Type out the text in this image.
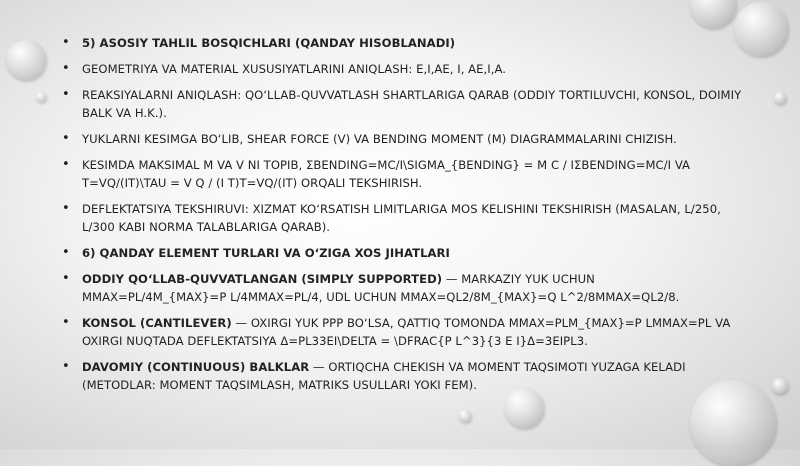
• 5) ASOSIY TAHLIL BOSQICHLARI (QANDAY HISOBLANADI)
• GEOMETRIYA VA MATERIAL XUSUSIYATLARINI ANIQLASH: E,I,AE, I, AE,I,A.
• REAKSIYALARNI ANIQLASH: QO‘LLAB-QUVVATLASH SHARTLARIGA QARAB (ODDIY TORTILUVCHI, KONSOL, DOIMIY BALK VA H.K.).
• YUKLARNI KESIMGA BO‘LIB, SHEAR FORCE (V) VA BENDING MOMENT (M) DIAGRAMMALARINI CHIZISH.
• KESIMDA MAKSIMAL M VA V NI TOPIB, ΣBENDING=MC/I\SIGMA_{BENDING} = M C / IΣBENDING=MC/I VA Τ=VQ/(IT)\TAU = V Q / (I T)Τ=VQ/(IT) ORQALI TEKSHIRISH.
• DEFLEKTATSIYA TEKSHIRUVI: XIZMAT KO‘RSATISH LIMITLARIGA MOS KELISHINI TEKSHIRISH (MASALAN, L/250, L/300 KABI NORMA TALABLARIGA QARAB).
• 6) QANDAY ELEMENT TURLARI VA O‘ZIGA XOS JIHATLARI
• ODDIY QO‘LLAB-QUVVATLANGAN (SIMPLY SUPPORTED) — MARKAZIY YUK UCHUN MMAX=PL/4M_{MAX}=P L/4MMAX=PL/4, UDL UCHUN MMAX=QL2/8M_{MAX}=Q L^2/8MMAX=QL2/8.
• KONSOL (CANTILEVER) — OXIRGI YUK PPP BO‘LSA, QATTIQ TOMONDA MMAX=PLM_{MAX}=P LMMAX=PL VA OXIRGI NUQTADA DEFLEKTATSIYA Δ=PL33EI\DELTA = \DFRAC{P L^3}{3 E I}Δ=3EIPL3.
• DAVOMIY (CONTINUOUS) BALKLAR — ORTIQCHA CHEKISH VA MOMENT TAQSIMOTI YUZAGA KELADI (METODLAR: MOMENT TAQSIMLASH, MATRIKS USULLARI YOKI FEM).
